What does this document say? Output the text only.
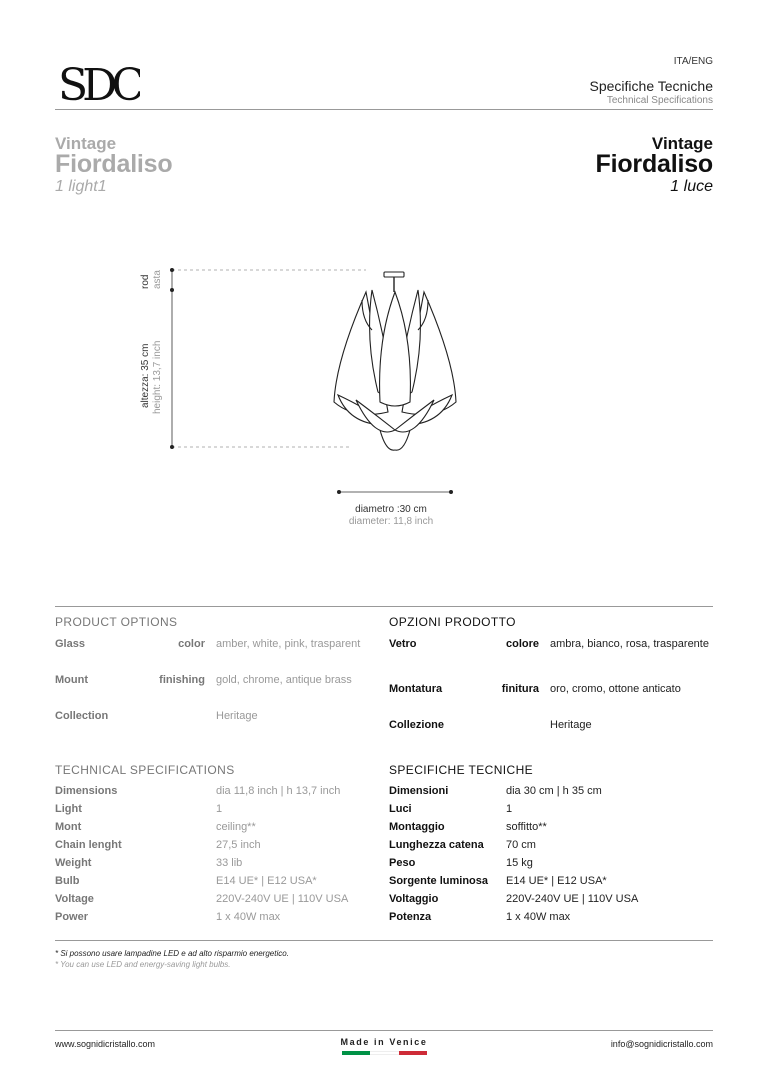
SDC	ITA/ENG
Specifiche Tecniche
Technical Specifications
Vintage
Fiordaliso
1 light1
Vintage
Fiordaliso
1 luce
rod asta
altezza: 35 cm height: 13,7 inch
diametro :30 cm
diameter: 11,8 inch
PRODUCT OPTIONS	OPZIONI PRODOTTO
Glass	color amber, white, pink, trasparent
Mount	finishing gold, chrome, antique brass
Collection	Heritage
Vetro	colore ambra, bianco, rosa, trasparente
Montatura	finitura oro, cromo, ottone anticato
Collezione	Heritage
TECHNICAL SPECIFICATIONS	SPECIFICHE TECNICHE
Dimensions	dia 11,8 inch | h 13,7 inch
Light	1
Mont	ceiling**
Chain lenght	27,5 inch
Weight	33 lib
Bulb	E14 UE* | E12 USA*
Voltage	220V-240V UE | 110V USA
Power	1 x 40W max
Dimensioni	dia 30 cm | h 35 cm
Luci	1
Montaggio	soffitto**
Lunghezza catena 70 cm
Peso	15 kg
Sorgente luminosa E14 UE* | E12 USA*
Voltaggio	220V-240V UE | 110V USA
Potenza	1 x 40W max
* Si possono usare lampadine LED e ad alto risparmio energetico.
* You can use LED and energy-saving light bulbs.
www.sognidicristallo.com	Made in Venice	info@sognidicristallo.com
